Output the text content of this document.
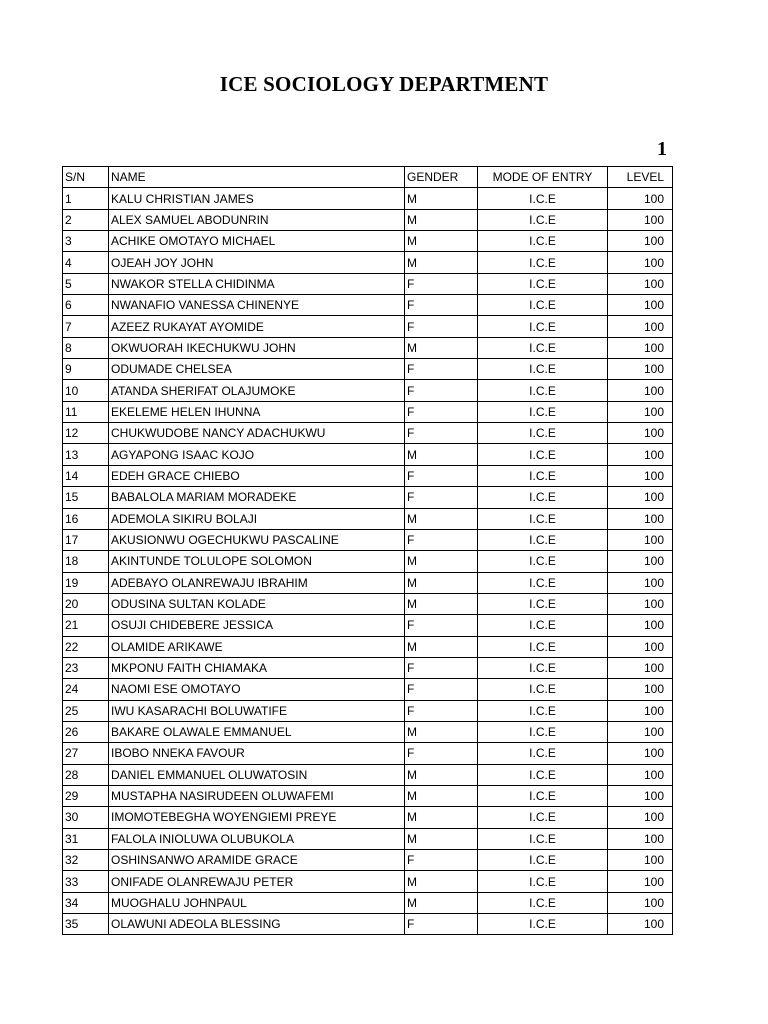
ICE SOCIOLOGY DEPARTMENT
1
S/N	NAME	GENDER	MODE OF ENTRY	LEVEL
1	KALU CHRISTIAN JAMES	M	I.C.E	100
2	ALEX SAMUEL ABODUNRIN	M	I.C.E	100
3	ACHIKE OMOTAYO MICHAEL	M	I.C.E	100
4	OJEAH JOY JOHN	M	I.C.E	100
5	NWAKOR STELLA CHIDINMA	F	I.C.E	100
6	NWANAFIO VANESSA CHINENYE	F	I.C.E	100
7	AZEEZ RUKAYAT AYOMIDE	F	I.C.E	100
8	OKWUORAH IKECHUKWU JOHN	M	I.C.E	100
9	ODUMADE CHELSEA	F	I.C.E	100
10	ATANDA SHERIFAT OLAJUMOKE	F	I.C.E	100
11	EKELEME HELEN IHUNNA	F	I.C.E	100
12	CHUKWUDOBE NANCY ADACHUKWU	F	I.C.E	100
13	AGYAPONG ISAAC KOJO	M	I.C.E	100
14	EDEH GRACE CHIEBO	F	I.C.E	100
15	BABALOLA MARIAM MORADEKE	F	I.C.E	100
16	ADEMOLA SIKIRU BOLAJI	M	I.C.E	100
17	AKUSIONWU OGECHUKWU PASCALINE	F	I.C.E	100
18	AKINTUNDE TOLULOPE SOLOMON	M	I.C.E	100
19	ADEBAYO OLANREWAJU IBRAHIM	M	I.C.E	100
20	ODUSINA SULTAN KOLADE	M	I.C.E	100
21	OSUJI CHIDEBERE JESSICA	F	I.C.E	100
22	OLAMIDE ARIKAWE	M	I.C.E	100
23	MKPONU FAITH CHIAMAKA	F	I.C.E	100
24	NAOMI ESE OMOTAYO	F	I.C.E	100
25	IWU KASARACHI BOLUWATIFE	F	I.C.E	100
26	BAKARE OLAWALE EMMANUEL	M	I.C.E	100
27	IBOBO NNEKA FAVOUR	F	I.C.E	100
28	DANIEL EMMANUEL OLUWATOSIN	M	I.C.E	100
29	MUSTAPHA NASIRUDEEN OLUWAFEMI	M	I.C.E	100
30	IMOMOTEBEGHA WOYENGIEMI PREYE	M	I.C.E	100
31	FALOLA INIOLUWA OLUBUKOLA	M	I.C.E	100
32	OSHINSANWO ARAMIDE GRACE	F	I.C.E	100
33	ONIFADE OLANREWAJU PETER	M	I.C.E	100
34	MUOGHALU JOHNPAUL	M	I.C.E	100
35	OLAWUNI ADEOLA BLESSING	F	I.C.E	100
